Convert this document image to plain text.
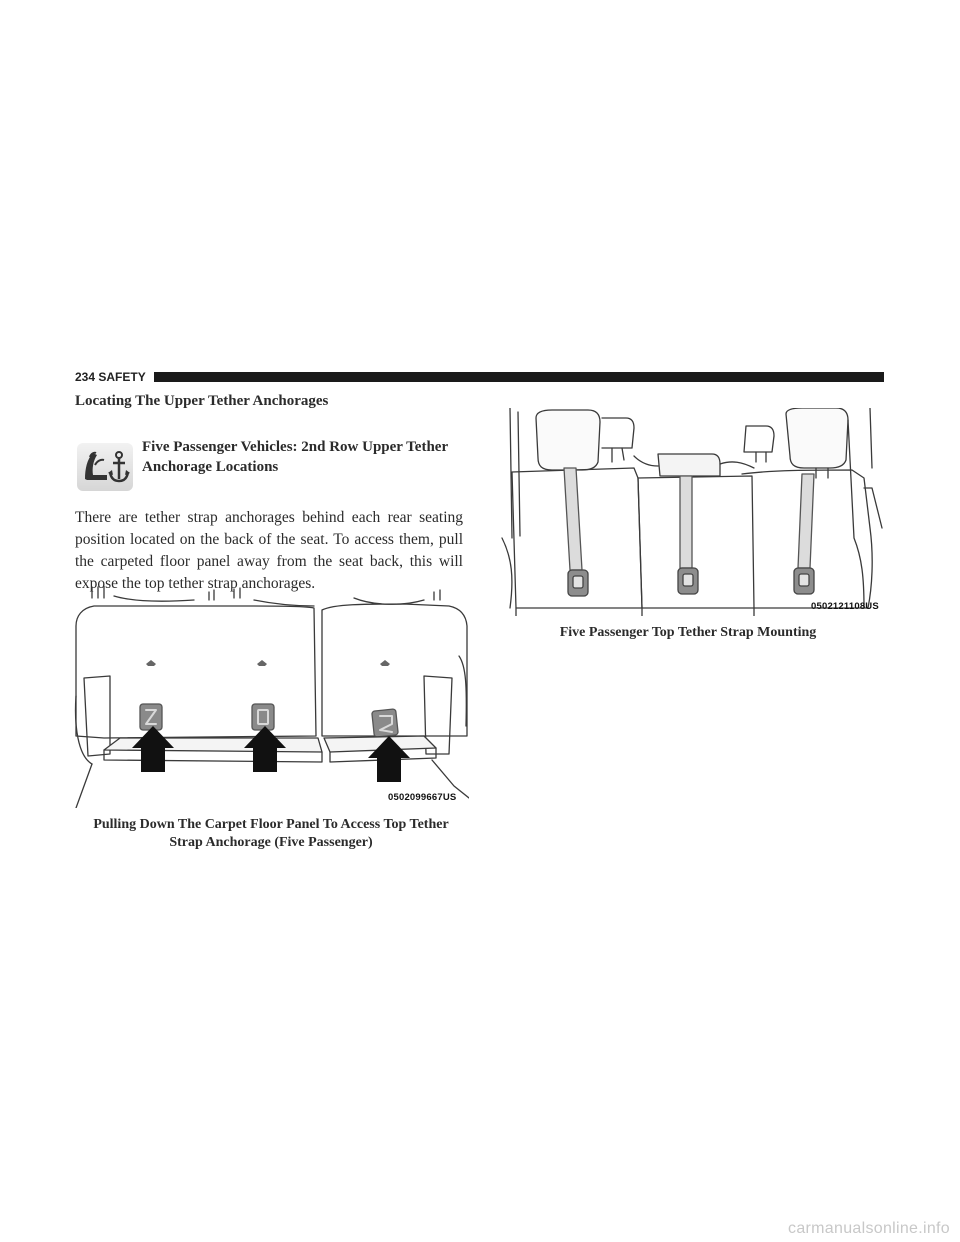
234 SAFETY
Locating The Upper Tether Anchorages
Five Passenger Vehicles: 2nd Row Upper Tether Anchorage Locations

There are tether strap anchorages behind each rear seating position located on the back of the seat. To access them, pull the carpeted floor panel away from the seat back, this will expose the top tether strap anchorages.

0502099667US
Pulling Down The Carpet Floor Panel To Access Top Tether Strap Anchorage (Five Passenger)
0502121108US
Five Passenger Top Tether Strap Mounting
carmanualsonline.info
